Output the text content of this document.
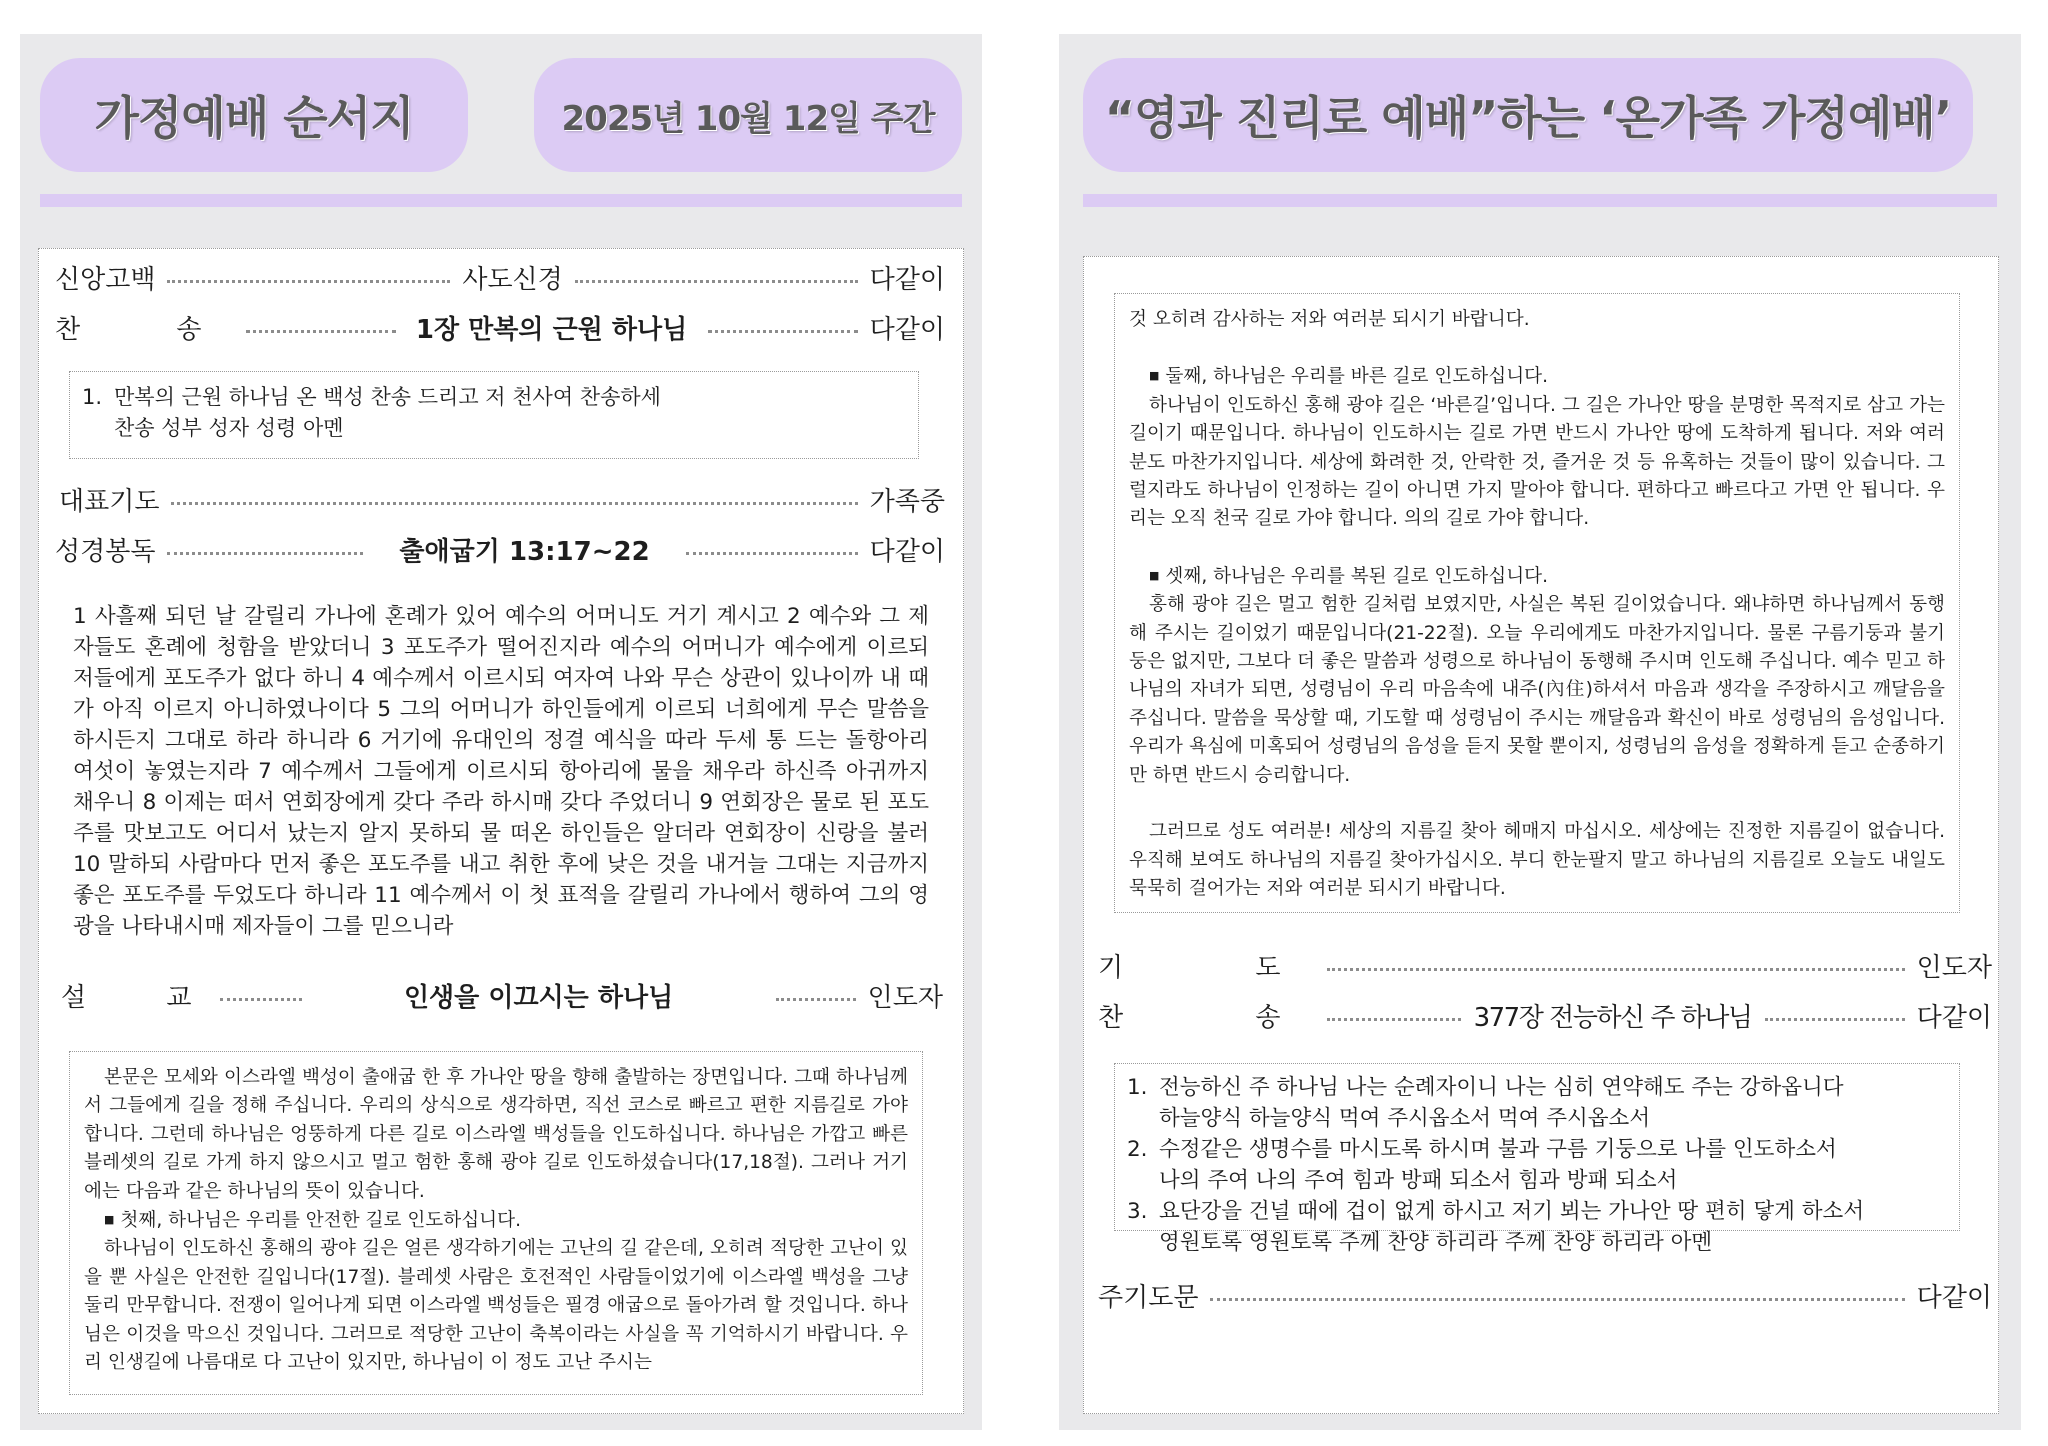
가정예배 순서지	2025년 10월 12일 주간
신앙고백	사도신경	다같이
찬 송	1장 만복의 근원 하나님	다같이
1. 만복의 근원 하나님 온 백성 찬송 드리고 저 천사여 찬송하세
찬송 성부 성자 성령 아멘
대표기도	가족중
성경봉독	출애굽기 13:17~22	다같이
1 사흘째 되던 날 갈릴리 가나에 혼례가 있어 예수의 어머니도 거기 계시고 2 예수와 그 제자들도 혼례에 청함을 받았더니 3 포도주가 떨어진지라 예수의 어머니가 예수에게 이르되 저들에게 포도주가 없다 하니 4 예수께서 이르시되 여자여 나와 무슨 상관이 있나이까 내 때가 아직 이르지 아니하였나이다 5 그의 어머니가 하인들에게 이르되 너희에게 무슨 말씀을 하시든지 그대로 하라 하니라 6 거기에 유대인의 정결 예식을 따라 두세 통 드는 돌항아리 여섯이 놓였는지라 7 예수께서 그들에게 이르시되 항아리에 물을 채우라 하신즉 아귀까지 채우니 8 이제는 떠서 연회장에게 갖다 주라 하시매 갖다 주었더니 9 연회장은 물로 된 포도주를 맛보고도 어디서 났는지 알지 못하되 물 떠온 하인들은 알더라 연회장이 신랑을 불러 10 말하되 사람마다 먼저 좋은 포도주를 내고 취한 후에 낮은 것을 내거늘 그대는 지금까지 좋은 포도주를 두었도다 하니라 11 예수께서 이 첫 표적을 갈릴리 가나에서 행하여 그의 영광을 나타내시매 제자들이 그를 믿으니라
설 교	인생을 이끄시는 하나님	인도자

본문은 모세와 이스라엘 백성이 출애굽 한 후 가나안 땅을 향해 출발하는 장면입니다. 그때 하나님께서 그들에게 길을 정해 주십니다. 우리의 상식으로 생각하면, 직선 코스로 빠르고 편한 지름길로 가야 합니다. 그런데 하나님은 엉뚱하게 다른 길로 이스라엘 백성들을 인도하십니다. 하나님은 가깝고 빠른 블레셋의 길로 가게 하지 않으시고 멀고 험한 홍해 광야 길로 인도하셨습니다(17,18절). 그러나 거기에는 다음과 같은 하나님의 뜻이 있습니다.

■ 첫째, 하나님은 우리를 안전한 길로 인도하십니다.

하나님이 인도하신 홍해의 광야 길은 얼른 생각하기에는 고난의 길 같은데, 오히려 적당한 고난이 있을 뿐 사실은 안전한 길입니다(17절). 블레셋 사람은 호전적인 사람들이었기에 이스라엘 백성을 그냥 둘리 만무합니다. 전쟁이 일어나게 되면 이스라엘 백성들은 필경 애굽으로 돌아가려 할 것입니다. 하나님은 이것을 막으신 것입니다. 그러므로 적당한 고난이 축복이라는 사실을 꼭 기억하시기 바랍니다. 우리 인생길에 나름대로 다 고난이 있지만, 하나님이 이 정도 고난 주시는

“영과 진리로 예배”하는 ‘온가족 가정예배’

것 오히려 감사하는 저와 여러분 되시기 바랍니다.

■ 둘째, 하나님은 우리를 바른 길로 인도하십니다.

하나님이 인도하신 홍해 광야 길은 ‘바른길’입니다. 그 길은 가나안 땅을 분명한 목적지로 삼고 가는 길이기 때문입니다. 하나님이 인도하시는 길로 가면 반드시 가나안 땅에 도착하게 됩니다. 저와 여러분도 마찬가지입니다. 세상에 화려한 것, 안락한 것, 즐거운 것 등 유혹하는 것들이 많이 있습니다. 그럴지라도 하나님이 인정하는 길이 아니면 가지 말아야 합니다. 편하다고 빠르다고 가면 안 됩니다. 우리는 오직 천국 길로 가야 합니다. 의의 길로 가야 합니다.

■ 셋째, 하나님은 우리를 복된 길로 인도하십니다.

홍해 광야 길은 멀고 험한 길처럼 보였지만, 사실은 복된 길이었습니다. 왜냐하면 하나님께서 동행해 주시는 길이었기 때문입니다(21-22절). 오늘 우리에게도 마찬가지입니다. 물론 구름기둥과 불기둥은 없지만, 그보다 더 좋은 말씀과 성령으로 하나님이 동행해 주시며 인도해 주십니다. 예수 믿고 하나님의 자녀가 되면, 성령님이 우리 마음속에 내주(內住)하셔서 마음과 생각을 주장하시고 깨달음을 주십니다. 말씀을 묵상할 때, 기도할 때 성령님이 주시는 깨달음과 확신이 바로 성령님의 음성입니다. 우리가 욕심에 미혹되어 성령님의 음성을 듣지 못할 뿐이지, 성령님의 음성을 정확하게 듣고 순종하기만 하면 반드시 승리합니다.

그러므로 성도 여러분! 세상의 지름길 찾아 헤매지 마십시오. 세상에는 진정한 지름길이 없습니다. 우직해 보여도 하나님의 지름길 찾아가십시오. 부디 한눈팔지 말고 하나님의 지름길로 오늘도 내일도 묵묵히 걸어가는 저와 여러분 되시기 바랍니다.

기 도	인도자
찬 송	377장 전능하신 주 하나님	다같이
1. 전능하신 주 하나님 나는 순례자이니 나는 심히 연약해도 주는 강하옵니다
하늘양식 하늘양식 먹여 주시옵소서 먹여 주시옵소서
2. 수정같은 생명수를 마시도록 하시며 불과 구름 기둥으로 나를 인도하소서
나의 주여 나의 주여 힘과 방패 되소서 힘과 방패 되소서
3. 요단강을 건널 때에 겁이 없게 하시고 저기 뵈는 가나안 땅 편히 닿게 하소서
영원토록 영원토록 주께 찬양 하리라 주께 찬양 하리라 아멘
주기도문	다같이
